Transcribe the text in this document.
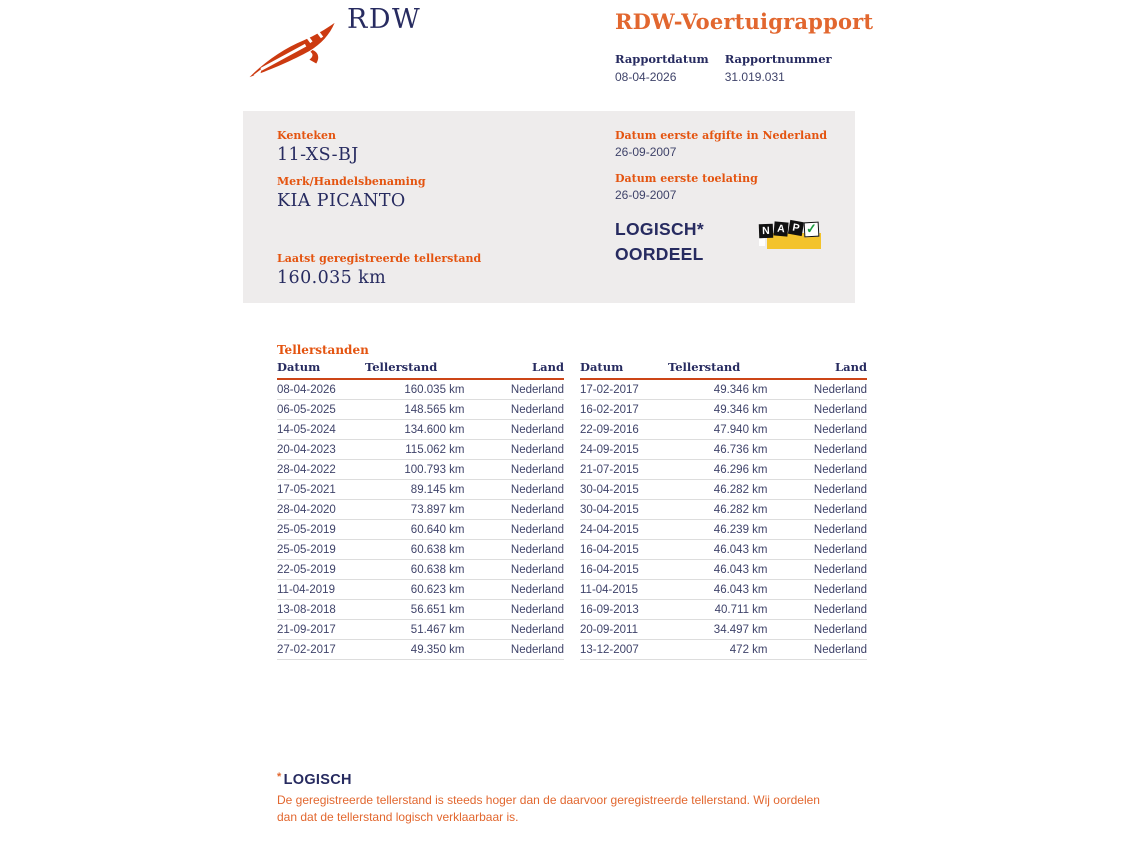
RDW	RDW-Voertuigrapport
Rapportdatum
08-04-2026
Rapportnummer
31.019.031

Kenteken

11-XS-BJ

Merk/Handelsbenaming

KIA PICANTO

Laatst geregistreerde tellerstand

160.035 km

Datum eerste afgifte in Nederland

26-09-2007

Datum eerste toelating

26-09-2007

LOGISCH*
OORDEEL
N A P ✓
Tellerstanden
Datum	Tellerstand	Land
08-04-2026	160.035 km	Nederland
06-05-2025	148.565 km	Nederland
14-05-2024	134.600 km	Nederland
20-04-2023	115.062 km	Nederland
28-04-2022	100.793 km	Nederland
17-05-2021	89.145 km	Nederland
28-04-2020	73.897 km	Nederland
25-05-2019	60.640 km	Nederland
25-05-2019	60.638 km	Nederland
22-05-2019	60.638 km	Nederland
11-04-2019	60.623 km	Nederland
13-08-2018	56.651 km	Nederland
21-09-2017	51.467 km	Nederland
27-02-2017	49.350 km	Nederland
Datum	Tellerstand	Land
17-02-2017	49.346 km	Nederland
16-02-2017	49.346 km	Nederland
22-09-2016	47.940 km	Nederland
24-09-2015	46.736 km	Nederland
21-07-2015	46.296 km	Nederland
30-04-2015	46.282 km	Nederland
30-04-2015	46.282 km	Nederland
24-04-2015	46.239 km	Nederland
16-04-2015	46.043 km	Nederland
16-04-2015	46.043 km	Nederland
11-04-2015	46.043 km	Nederland
16-09-2013	40.711 km	Nederland
20-09-2011	34.497 km	Nederland
13-12-2007	472 km	Nederland
* LOGISCH

De geregistreerde tellerstand is steeds hoger dan de daarvoor geregistreerde tellerstand. Wij oordelen dan dat de tellerstand logisch verklaarbaar is.
